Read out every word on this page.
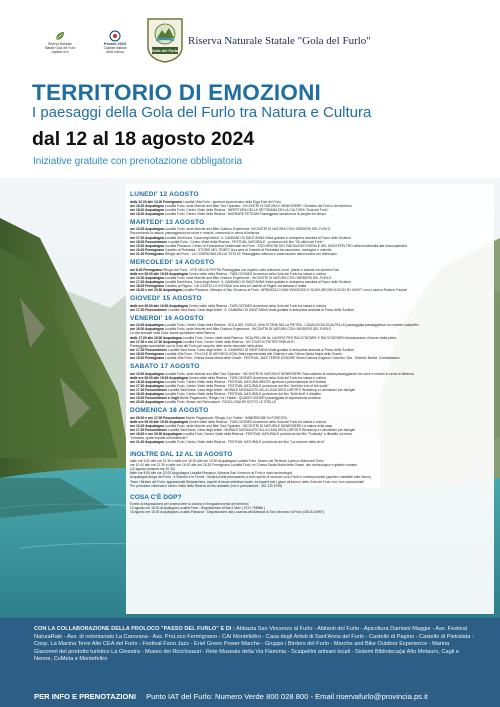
Riserva Naturale
Statale Gola del Furlo
capitale eco
Pesaro 2024
Capitale italiana
della cultura	Gola del Furlo
Riserva Naturale Statale "Gola del Furlo"
TERRITORIO DI EMOZIONI
I paesaggi della Gola del Furlo tra Natura e Cultura
dal 12 al 18 agosto 2024
Iniziative gratuite con prenotazione obbligatoria
LUNEDI' 12 AGOSTO
dalle 10.00 alle 13.00 Fermignano Località Villa Furlo : apertura straordinaria della Diga Enel del Furlo
ore 16.00 Acqualagna Località Furlo: sede Marche and Bike Tour Operator - INCONTRI DI NATURA E BENESSERE: Orchidee del Furlo e del territorio
ore 18.00 Acqualagna Località Furlo: Centro Visite della Riserva : INFERTURA DELLA SETTIMANA DELLA CULTURA "Gola del Furlo"
ore 18.30 Acqualagna Località Furlo: Centro Visite della Riserva : NARRARE PETRAM Passeggiata narrativa tra le pieghe del tempo
MARTEDI' 13 AGOSTO
ore 10.00 Acqualagna Località Furlo: sede Marche and Bike Outdoor Experience: INCONTRI DI NATURA CON I BIRDERS DEL FURLO
Raccontando la natura: passeggiando tra rocce e muschi, crescendo in cerca di bellezza
ore 17.30 Acqualagna Località Sant'Anna, Casa degli Artisti : IL CAMMINO DI SANT'ANNA Visita guidata in anteprima assoluta al Parco delle Sculture
ore 18.00 Fossombrone Località Furlo : Centro Visite della Riserva : FESTIVAL NATURALE - proiezioni del film "Gli ultimi del Furlo"
ore 19.00 Acqualagna Località Pianacce, Centro di Educazione Ambientale del Furlo : ESCURSIONI DEL PAESAGGIO RURALE DEL MONTEFELTRO della biodiversità alla biocomplessità
ore 19.00 Fermignano Castello di Pietralata : STORIE NEL TEMPO Una sera al Castello di Pietralata tra narrazione, immagine e melodie
ore 21.00 Fermignano Rifugio del Furlo : LA COMPAGNIA DELLE STELLE Passeggiata notturna e osservazione astronomica con telescopio
MERCOLEDI' 14 AGOSTO
ore 8.00 Fermignano Rifugio del Furlo : VITE NELLA PIETRA Passeggiata con esperto sulla relazione rocce, piante e animali con Andrea Fazi
dalle ore 09.00 alle 19.00 Acqualagna Centro visite della Riserva : FURLOZONES Avventura nella Gola del Furlo tra natura e cultura
ore 10.00 Acqualagna Località Furlo: sede Marche and Bike Outdoor Experience : INCONTRI DI NATURA CON I BIRDERS DEL FURLO
ore 17.30 Acqualagna Località Sant'Anna, Casa degli Artisti : IL CAMMINO DI SANT'ANNA Visita guidata in anteprima assoluta al Parco delle Sculture
ore 18.00 Fermignano Castello di Pagino : UN CASTELLO IN FIABA Una sera al Castello di Pagino tra fantasia e realtà
ore 18.30 e ore 20.30 Acqualagna Località Pianacce, Abbazia di San Vincenzo al Furlo : ARRAZZA DI SAN VINCENZO E SCAVI ARCHEOLOGICI BY NIGHT con lo storico Roberto Pazzeri
GIOVEDI' 15 AGOSTO
dalle ore 09.00 alle 19.00 Acqualagna Centro visite della Riserva : FURLOZONES Avventura nella Gola del Furlo tra natura e cultura
ore 17.30 Fossombrone Località Sant'Anna, Casa degli Artisti : IL CAMMINO DI SANT'ANNA Visita guidata in anteprima assoluta al Parco delle Sculture
VENERDI' 16 AGOSTO
ore 10.00 Acqualagna Località Furlo, Centro Visite della Riserva : GOLA DEL FURLO: UNA STORIA NELLA PIETRA - L'ANALISI DA SCALPELLA! passeggiata paesaggistica con maestri scalpellini
ore 16.00 Acqualagna Località Furlo, sede Marche and Bike Outdoor Experience : INCONTRI DI NATURA CON I BIRDERS DEL FURLO
La vita animale nella Gola: scene quotidiane nella Riserva
dalle 17.00 alle 19.00 Acqualagna Località Furlo, Centro visite della Riserva : SCALPELLINI AL LAVORO PER RACCONTARE E RACCONTARSI dimostrazione di lavoro della pietra
ore 17.00 e ore 17.30 Acqualagna Località Furlo, Centro Visite della Riserva : UN TOUR DI PIETRE PARLANTI
Passeggiata accessibile con la Gola del Furlo per scoprire delle storie nascoste nella pietra
ore 17.30 Fossombrone Località Sant'Anna, Casa degli Artisti : IL CAMMINO DI SANT'ANNA Visita guidata in anteprima assoluta al Parco delle Sculture
ore 18.00 Fermignano Località Villa Furlo : PILLOLE DI ARCHEOLOGIA Visita esperienziale alle Gallerie e alla Chiesa Santa Maria delle Grazie
ore 19.00 Fermignano Località Villa Furlo, Chiesa Santa Maria delle Grazie : FESTIVAL JAZZ TERRE SONORE Seven Dances Eugenio Colombo, Sax - Roberto Bartoli, Contrabbasso
SABATO 17 AGOSTO
ore 10.00 Acqualagna Località Furlo, sede Marche and Bike Tour Operator : INCONTRI DI NATURA E BENESSERE Raccontando la natura passeggiando tra rocce e muschi in cerca di bellezza
dalle ore 09.00 alle 19.00 Acqualagna Centro visite della Riserva : FURLOZONES Avventura nella Gola del Furlo tra natura e cultura
ore 16.30 Acqualagna Località Furlo, Centro Visite della Riserva : FESTIVAL NATURALMENTE apertura e presentazione del Festival
ore 17.00 Acqualagna Località Furlo, Centro Visite della Riserva : FESTIVAL NATURALE proiezione del film "Until the end of the world"
ore 17.30 Fossombrone Località Sant'Anna, Casa degli Artisti : MURALE MOSAICATO ALLA CASA DEGLI ARTISTI Workshop e Laboratorio per famiglie
ore 18.30 Acqualagna Località Furlo, Centro Visite della Riserva : FESTIVAL NATURALE proiezione del film "Dritti finiti" e dibattito
ore 19.00 Fossombrone e Cagli Monte Paganuccio, Rifugio Ca i Fabbri : QUADRI SONORI passeggiata di esplorazione acustica
ore 20.00 Acqualagna Località Furlo, Museo del Ricircusauri : RICICLOSAURI SOTTO LE STELLE
DOMENICA 18 AGOSTO
ore 09.00 e ore 17.00 Fossombrone Monte Paganuccio, Rifugio Ca i Fabbri : IMMERSIONE IN FORESTA
dalle ore 09.00 alle 19.00 Acqualagna Centro visite della Riserva : FURLOZONES Avventura nella Gola del Furlo tra natura e cultura
ore 10.00 Acqualagna Località Furlo, sede Marche and Bike Tour Operator : INCONTRI DI NATURA E BENESSERE La natura nella casa
ore 17.30 Fossombrone Località Sant'Anna, Casa degli Artisti : MURALE MOSAICATO ALLA CASA DEGLI ARTISTI Workshop e Laboratorio per famiglie
ore 18.00 e ore 20.00 Acqualagna Località Furlo, Centro Visite della Riserva : FESTIVAL NATURALE proiezione del film "Foolscity" e dibattito sul tema
"Industria, quale impatto sull'ambiente?"
ore 21.30 Acqualagna Località Furlo, Centro Visite della Riserva : FESTIVAL NATURALE proiezione del film "La canzone della terra"
INOLTRE DAL 12 AL 18 AGOSTO
dalle ore 9.00 alle ore 12.30 e dalle ore 15.00 alle ore 19.00 Acqualagna Località Furlo, Museo del Territorio Lorenzo Marmozzi Torini
ore 10.00 alle ore 12.30 e dalle ore 16.00 alle ore 18.30 Fermignano Località Furlo, ex Chiesa Santa Maria delle Grazie, sito archeologico e gallerie romane
(12 agosto chiusura ore 20.30)
dalle ore 8.00 alle ore 23.00 Acqualagna Località Pianacce, Abbazia San Vincenzo al Furlo e scavi archeologici
Acqualagna Borgo del Furlo : Il Silenzio e le Forme - Mostra d'arte permanente a cielo aperto di sculture Lucio Fanti e contemporanee (aperta e visitabile tutto l'anno)
Team i Birders del Furlo: appassionati Birdwatchers, esperti di fauna selvatica locale, ed esperti tutti i giorni all'interno della Gola del Furlo con i loro cannocchiali
Per prenotare chiamare il centro Visite della Riserva al cibo adattate (info e prenotazioni : 342 120 5769)
COSA C'È DOP?
Eventi di degustazione per promuovere la cultura e l'enogastronomia del territorio
12 agosto ore 18.30 Acqualagna Località Furlo : Degustazione al Bar Il Nido ( 0721 798686 )
18 agosto ore 18.30 Acqualagna Località Pianacce : Degustazione alla Locanda dell'Abbazia di San Vincenzo al Furlo (334 8144997)
CON LA COLLABORAZIONE DELLA PROLOCO "PASSO DEL FURLO" E DI : Abbazia San Vincenzo al Furlo - Abitanti del Furlo - Apicoltura Damiani Maggie - Ass. Festival NaturaRale - Ass. di volontariato La Carovana - Ass. ProLoco Fermignano - CAI Montefeltro - Casa degli Artisti di Sant'Anna del Furlo - Castello di Pagino - Castello di Pietralata - Coop. La Macina Terre Alte CEA del Furlo - Festival Fano Jazz - Eriel Green Power Marche - Gruppo i Birders del Furlo - Marche and Bike Outdoor Experience - Marina Giacomel del prodotto turistico La Ginestra - Museo dei Riciclosauri - Rete Museale della Via Flaminia - Scalpellini artisani locali - Sistemi Biblioteca(ai Alto Metauro, Cagli e Nenne, CoMeta e Montefeltro
PER INFO E PRENOTAZIONI Punto IAT del Furlo: Numero Verde 800 028 800 - Email riservafurlo@provincia.ps.it
